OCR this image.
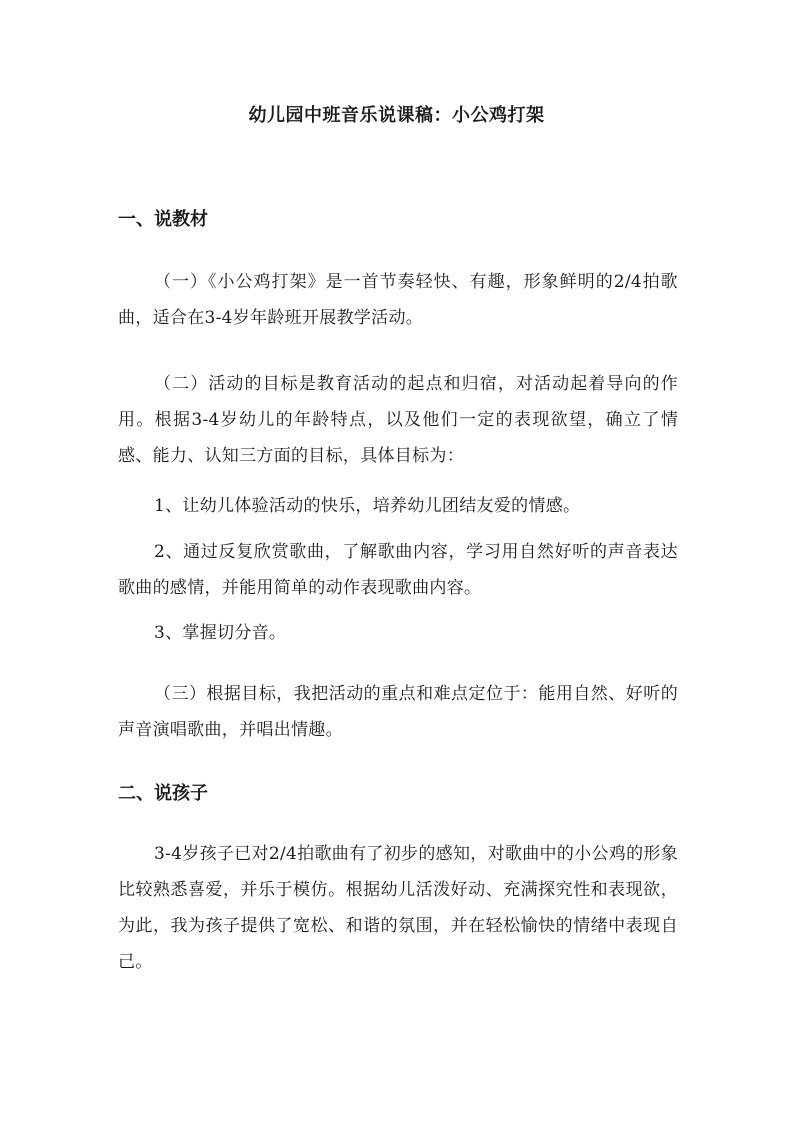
幼儿园中班音乐说课稿：小公鸡打架
一、说教材
（一）《小公鸡打架》是一首节奏轻快、有趣，形象鲜明的2/4拍歌曲，适合在3-4岁年龄班开展教学活动。
（二）活动的目标是教育活动的起点和归宿，对活动起着导向的作用。根据3-4岁幼儿的年龄特点，以及他们一定的表现欲望，确立了情感、能力、认知三方面的目标，具体目标为：
1、让幼儿体验活动的快乐，培养幼儿团结友爱的情感。
2、通过反复欣赏歌曲，了解歌曲内容，学习用自然好听的声音表达歌曲的感情，并能用简单的动作表现歌曲内容。
3、掌握切分音。
（三）根据目标，我把活动的重点和难点定位于：能用自然、好听的声音演唱歌曲，并唱出情趣。
二、说孩子
3-4岁孩子已对2/4拍歌曲有了初步的感知，对歌曲中的小公鸡的形象比较熟悉喜爱，并乐于模仿。根据幼儿活泼好动、充满探究性和表现欲，为此，我为孩子提供了宽松、和谐的氛围，并在轻松愉快的情绪中表现自己。
